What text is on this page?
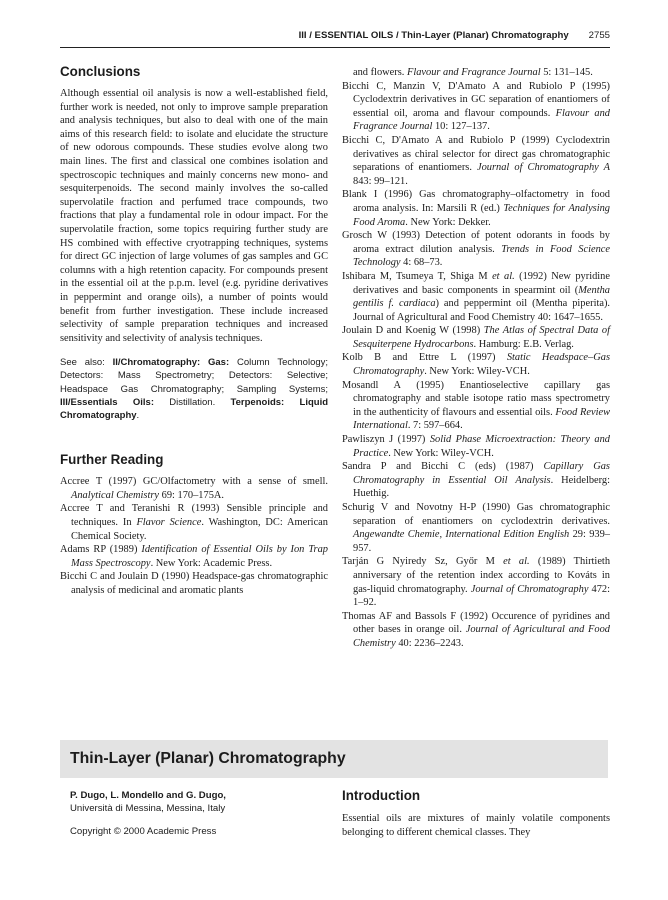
III / ESSENTIAL OILS / Thin-Layer (Planar) Chromatography 2755
Conclusions

Although essential oil analysis is now a well-established field, further work is needed, not only to improve sample preparation and analysis techniques, but also to deal with one of the main aims of this research field: to isolate and elucidate the structure of new odorous compounds. These studies evolve along two main lines. The first and classical one combines isolation and spectroscopic techniques and mainly concerns new mono- and sesquiterpenoids. The second mainly involves the so-called supervolatile fraction and perfumed trace compounds, two fractions that play a fundamental role in odour impact. For the supervolatile fraction, some topics requiring further study are HS combined with effective cryotrapping techniques, systems for direct GC injection of large volumes of gas samples and GC columns with a high retention capacity. For compounds present in the essential oil at the p.p.m. level (e.g. pyridine derivatives in peppermint and orange oils), a number of points would benefit from further investigation. These include increased selectivity of sample preparation techniques and increased sensitivity and selectivity of analysis techniques.

See also: II/Chromatography: Gas: Column Technology; Detectors: Mass Spectrometry; Detectors: Selective; Headspace Gas Chromatography; Sampling Systems; III/Essentials Oils: Distillation. Terpenoids: Liquid Chromatography.

Further Reading

Accree T (1997) GC/Olfactometry with a sense of smell. Analytical Chemistry 69: 170–175A.

Accree T and Teranishi R (1993) Sensible principle and techniques. In Flavor Science. Washington, DC: American Chemical Society.

Adams RP (1989) Identification of Essential Oils by Ion Trap Mass Spectroscopy. New York: Academic Press.

Bicchi C and Joulain D (1990) Headspace-gas chromatographic analysis of medicinal and aromatic plants

and flowers. Flavour and Fragrance Journal 5: 131–145.

Bicchi C, Manzin V, D'Amato A and Rubiolo P (1995) Cyclodextrin derivatives in GC separation of enantiomers of essential oil, aroma and flavour compounds. Flavour and Fragrance Journal 10: 127–137.

Bicchi C, D'Amato A and Rubiolo P (1999) Cyclodextrin derivatives as chiral selector for direct gas chromatographic separations of enantiomers. Journal of Chromatography A 843: 99–121.

Blank I (1996) Gas chromatography–olfactometry in food aroma analysis. In: Marsili R (ed.) Techniques for Analysing Food Aroma. New York: Dekker.

Grosch W (1993) Detection of potent odorants in foods by aroma extract dilution analysis. Trends in Food Science Technology 4: 68–73.

Ishibara M, Tsumeya T, Shiga M et al. (1992) New pyridine derivatives and basic components in spearmint oil (Mentha gentilis f. cardiaca) and peppermint oil (Mentha piperita). Journal of Agricultural and Food Chemistry 40: 1647–1655.

Joulain D and Koenig W (1998) The Atlas of Spectral Data of Sesquiterpene Hydrocarbons. Hamburg: E.B. Verlag.

Kolb B and Ettre L (1997) Static Headspace–Gas Chromatography. New York: Wiley-VCH.

Mosandl A (1995) Enantioselective capillary gas chromatography and stable isotope ratio mass spectrometry in the authenticity of flavours and essential oils. Food Review International. 7: 597–664.

Pawliszyn J (1997) Solid Phase Microextraction: Theory and Practice. New York: Wiley-VCH.

Sandra P and Bicchi C (eds) (1987) Capillary Gas Chromatography in Essential Oil Analysis. Heidelberg: Huethig.

Schurig V and Novotny H-P (1990) Gas chromatographic separation of enantiomers on cyclodextrin derivatives. Angewandte Chemie, International Edition English 29: 939–957.

Tarján G Nyiredy Sz, Győr M et al. (1989) Thirtieth anniversary of the retention index according to Kováts in gas-liquid chromatography. Journal of Chromatography 472: 1–92.

Thomas AF and Bassols F (1992) Occurence of pyridines and other bases in orange oil. Journal of Agricultural and Food Chemistry 40: 2236–2243.

Thin-Layer (Planar) Chromatography
P. Dugo, L. Mondello and G. Dugo,
Università di Messina, Messina, Italy
Copyright © 2000 Academic Press
Introduction

Essential oils are mixtures of mainly volatile components belonging to different chemical classes. They
